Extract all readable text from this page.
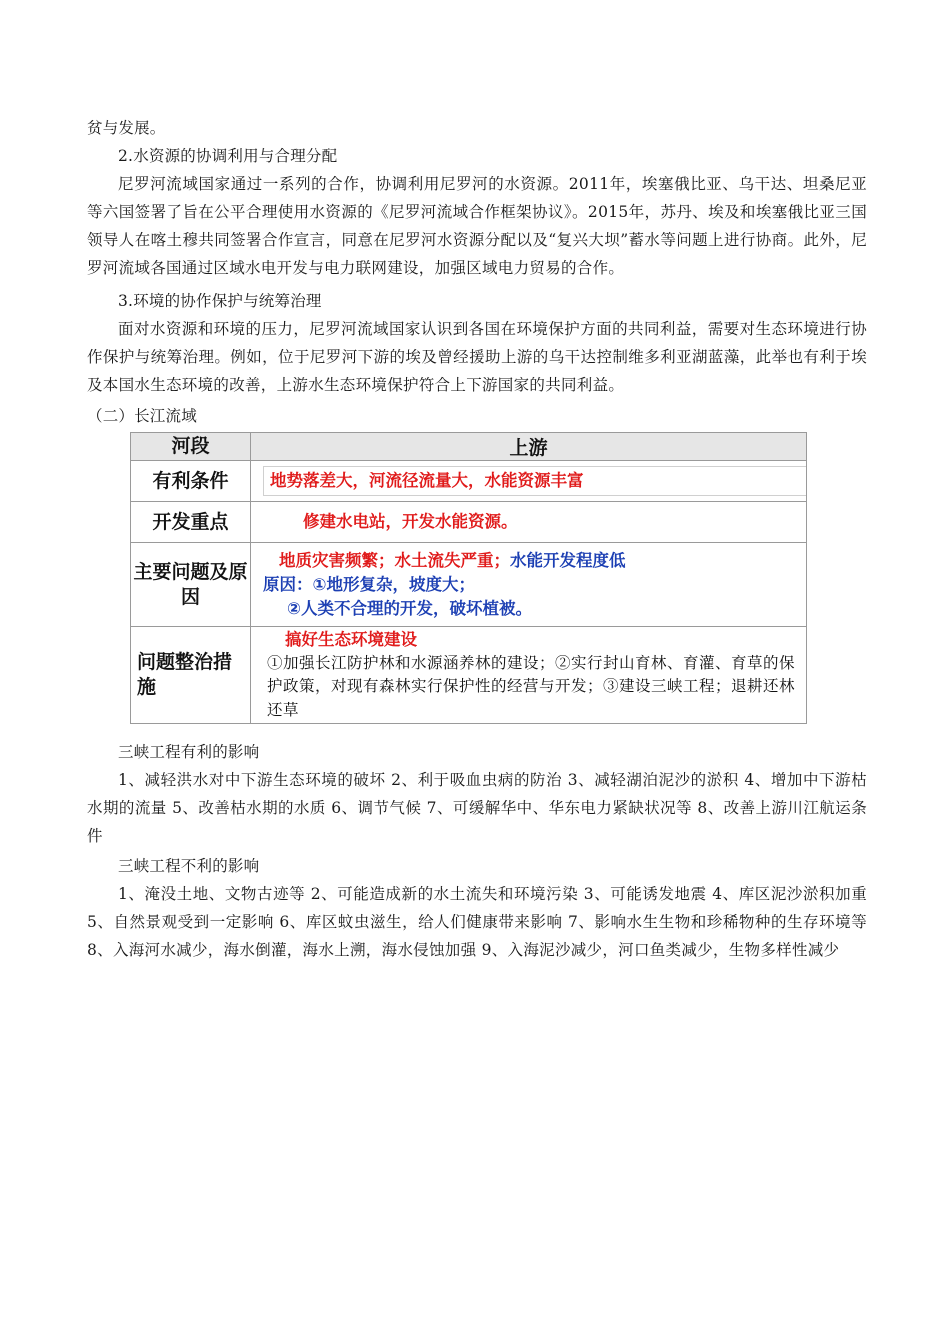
贫与发展。
2.水资源的协调利用与合理分配
尼罗河流域国家通过一系列的合作，协调利用尼罗河的水资源。2011年，埃塞俄比亚、乌干达、坦桑尼亚等六国签署了旨在公平合理使用水资源的《尼罗河流域合作框架协议》。2015年，苏丹、埃及和埃塞俄比亚三国领导人在喀土穆共同签署合作宣言，同意在尼罗河水资源分配以及“复兴大坝”蓄水等问题上进行协商。此外，尼罗河流域各国通过区域水电开发与电力联网建设，加强区域电力贸易的合作。
3.环境的协作保护与统筹治理
面对水资源和环境的压力，尼罗河流域国家认识到各国在环境保护方面的共同利益，需要对生态环境进行协作保护与统筹治理。例如，位于尼罗河下游的埃及曾经援助上游的乌干达控制维多利亚湖蓝藻，此举也有利于埃及本国水生态环境的改善，上游水生态环境保护符合上下游国家的共同利益。
（二）长江流域
河段	上游
有利条件	地势落差大，河流径流量大，水能资源丰富
开发重点	修建水电站，开发水能资源。
主要问题及原因	地质灾害频繁；水土流失严重；水能开发程度低
原因：①地形复杂，坡度大；
②人类不合理的开发，破坏植被。

问题整治措施	搞好生态环境建设
①加强长江防护林和水源涵养林的建设；②实行封山育林、育灌、育草的保护政策，对现有森林实行保护性的经营与开发；③建设三峡工程；退耕还林还草
三峡工程有利的影响
1、减轻洪水对中下游生态环境的破坏 2、利于吸血虫病的防治 3、减轻湖泊泥沙的淤积 4、增加中下游枯水期的流量 5、改善枯水期的水质 6、调节气候 7、可缓解华中、华东电力紧缺状况等 8、改善上游川江航运条件
三峡工程不利的影响
1、淹没土地、文物古迹等 2、可能造成新的水土流失和环境污染 3、可能诱发地震 4、库区泥沙淤积加重 5、自然景观受到一定影响 6、库区蚊虫滋生，给人们健康带来影响 7、影响水生生物和珍稀物种的生存环境等 8、入海河水减少，海水倒灌，海水上溯，海水侵蚀加强 9、入海泥沙减少，河口鱼类减少，生物多样性减少
